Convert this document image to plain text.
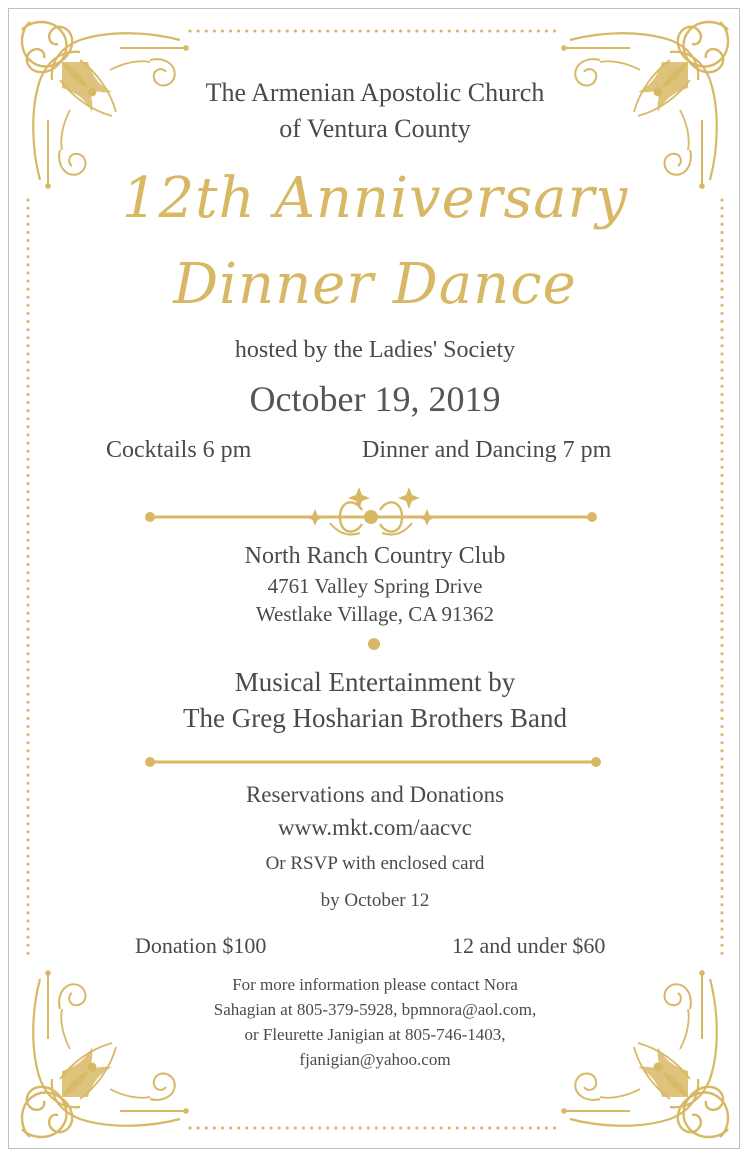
The Armenian Apostolic Church

of Ventura County

12th Anniversary

Dinner Dance

hosted by the Ladies' Society

October 19, 2019

Cocktails 6 pm	Dinner and Dancing 7 pm

North Ranch Country Club

4761 Valley Spring Drive

Westlake Village, CA 91362

Musical Entertainment by

The Greg Hosharian Brothers Band

Reservations and Donations

www.mkt.com/aacvc

Or RSVP with enclosed card

by October 12

Donation $100	12 and under $60

For more information please contact Nora

Sahagian at 805-379-5928, bpmnora@aol.com,

or Fleurette Janigian at 805-746-1403,

fjanigian@yahoo.com
